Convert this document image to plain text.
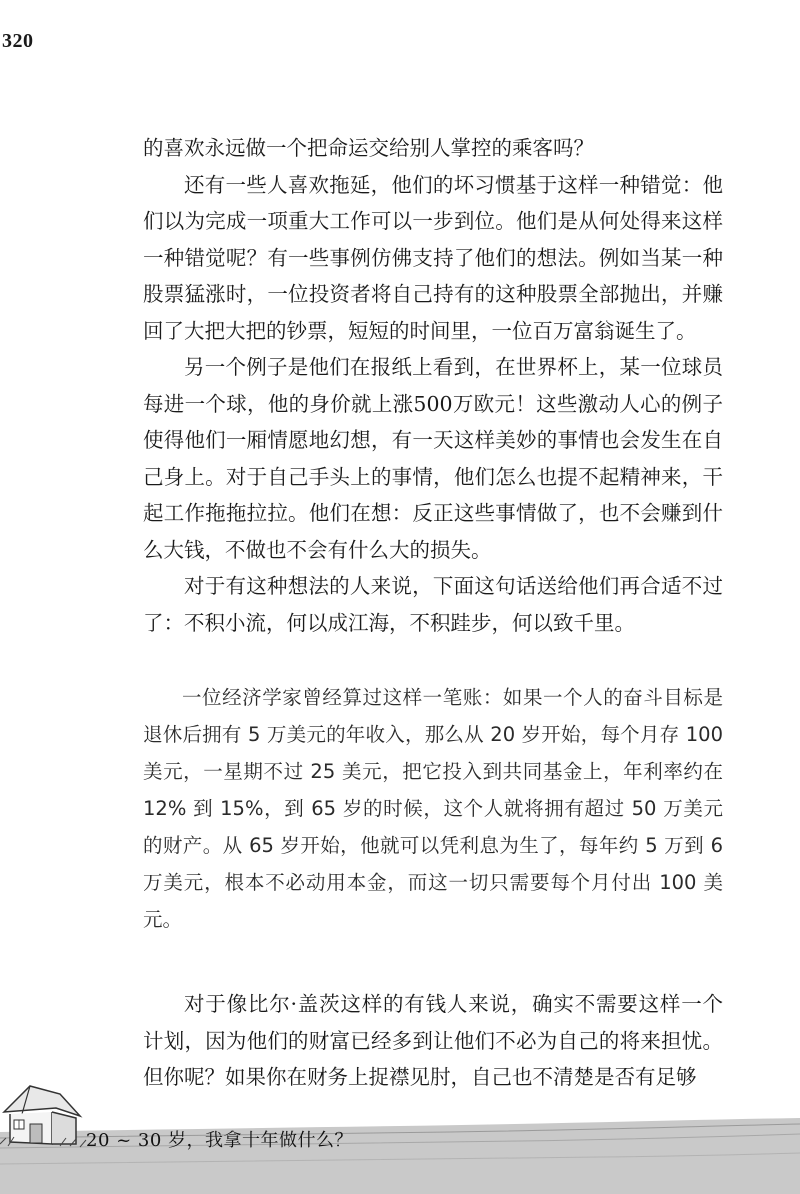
320

的喜欢永远做一个把命运交给别人掌控的乘客吗？

还有一些人喜欢拖延，他们的坏习惯基于这样一种错觉：他们以为完成一项重大工作可以一步到位。他们是从何处得来这样一种错觉呢？有一些事例仿佛支持了他们的想法。例如当某一种股票猛涨时，一位投资者将自己持有的这种股票全部抛出，并赚回了大把大把的钞票，短短的时间里，一位百万富翁诞生了。

另一个例子是他们在报纸上看到，在世界杯上，某一位球员每进一个球，他的身价就上涨500万欧元！这些激动人心的例子使得他们一厢情愿地幻想，有一天这样美妙的事情也会发生在自己身上。对于自己手头上的事情，他们怎么也提不起精神来，干起工作拖拖拉拉。他们在想：反正这些事情做了，也不会赚到什么大钱，不做也不会有什么大的损失。

对于有这种想法的人来说，下面这句话送给他们再合适不过了：不积小流，何以成江海，不积跬步，何以致千里。

一位经济学家曾经算过这样一笔账：如果一个人的奋斗目标是退休后拥有 5 万美元的年收入，那么从 20 岁开始，每个月存 100 美元，一星期不过 25 美元，把它投入到共同基金上，年利率约在 12% 到 15%，到 65 岁的时候，这个人就将拥有超过 50 万美元的财产。从 65 岁开始，他就可以凭利息为生了，每年约 5 万到 6 万美元，根本不必动用本金，而这一切只需要每个月付出 100 美元。

对于像比尔·盖茨这样的有钱人来说，确实不需要这样一个计划，因为他们的财富已经多到让他们不必为自己的将来担忧。但你呢？如果你在财务上捉襟见肘，自己也不清楚是否有足够

20 ~ 30 岁，我拿十年做什么？
